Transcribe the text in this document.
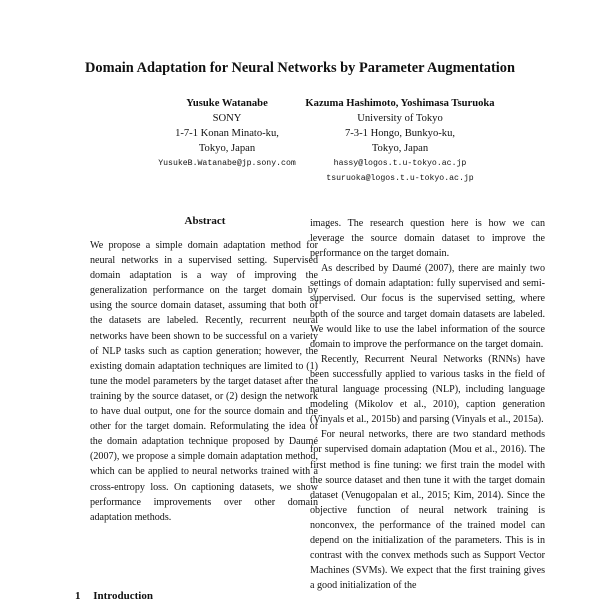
Domain Adaptation for Neural Networks by Parameter Augmentation
Yusuke Watanabe
SONY
1-7-1 Konan Minato-ku,
Tokyo, Japan
YusukeB.Watanabe@jp.sony.com
Kazuma Hashimoto, Yoshimasa Tsuruoka
University of Tokyo
7-3-1 Hongo, Bunkyo-ku,
Tokyo, Japan
hassy@logos.t.u-tokyo.ac.jp
tsuruoka@logos.t.u-tokyo.ac.jp
Abstract

We propose a simple domain adaptation method for neural networks in a supervised setting. Supervised domain adaptation is a way of improving the generalization performance on the target domain by using the source domain dataset, assuming that both of the datasets are labeled. Recently, recurrent neural networks have been shown to be successful on a variety of NLP tasks such as caption generation; however, the existing domain adaptation techniques are limited to (1) tune the model parameters by the target dataset after the training by the source dataset, or (2) design the network to have dual output, one for the source domain and the other for the target domain. Reformulating the idea of the domain adaptation technique proposed by Daumé (2007), we propose a simple domain adaptation method, which can be applied to neural networks trained with a cross-entropy loss. On captioning datasets, we show performance improvements over other domain adaptation methods.

images. The research question here is how we can leverage the source domain dataset to improve the performance on the target domain.

As described by Daumé (2007), there are mainly two settings of domain adaptation: fully supervised and semi-supervised. Our focus is the supervised setting, where both of the source and target domain datasets are labeled. We would like to use the label information of the source domain to improve the performance on the target domain.

Recently, Recurrent Neural Networks (RNNs) have been successfully applied to various tasks in the field of natural language processing (NLP), including language modeling (Mikolov et al., 2010), caption generation (Vinyals et al., 2015b) and parsing (Vinyals et al., 2015a).

For neural networks, there are two standard methods for supervised domain adaptation (Mou et al., 2016). The first method is fine tuning: we first train the model with the source dataset and then tune it with the target domain dataset (Venugopalan et al., 2015; Kim, 2014). Since the objective function of neural network training is nonconvex, the performance of the trained model can depend on the initialization of the parameters. This is in contrast with the convex methods such as Support Vector Machines (SVMs). We expect that the first training gives a good initialization of the

1 Introduction
